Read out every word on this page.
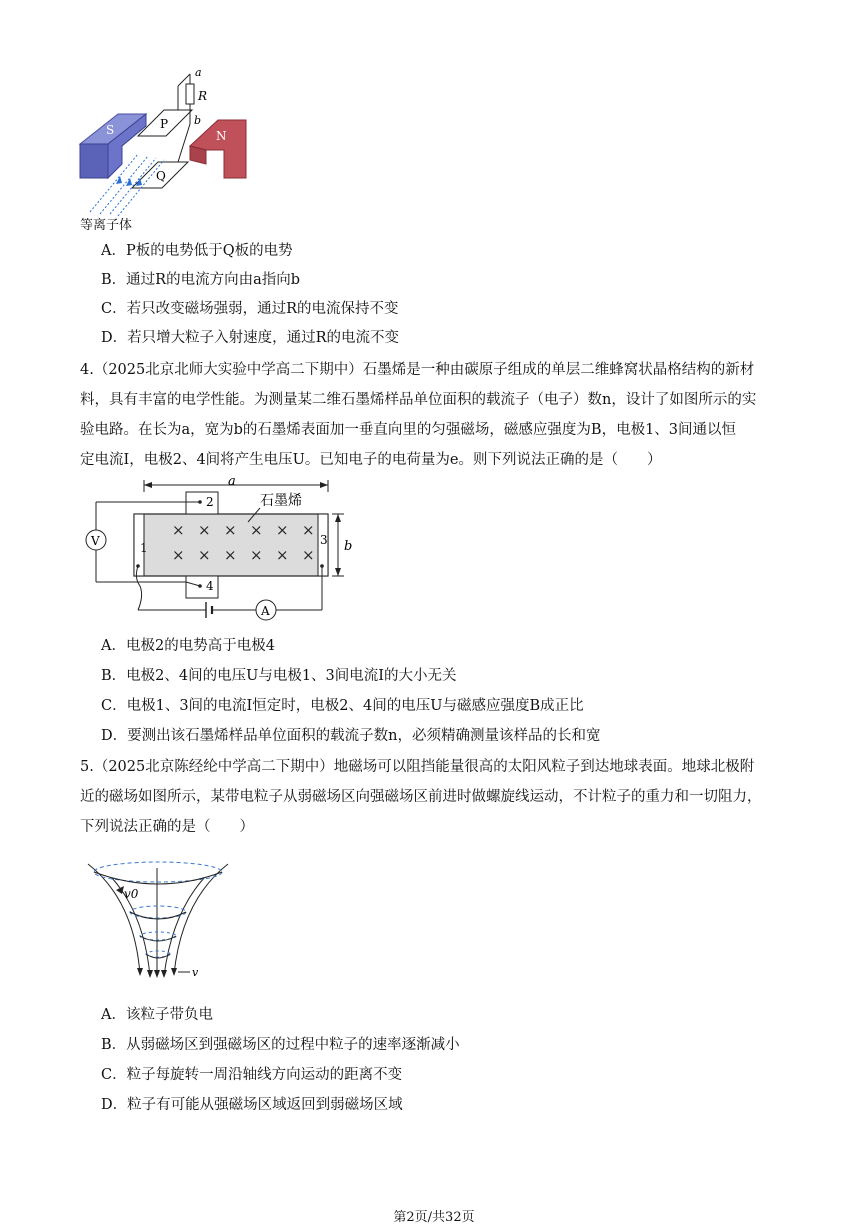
S	N
P
Q
a
R
b
等离子体
A．P板的电势低于Q板的电势
B．通过R的电流方向由a指向b
C．若只改变磁场强弱，通过R的电流保持不变
D．若只增大粒子入射速度，通过R的电流不变
4.（2025北京北师大实验中学高二下期中）石墨烯是一种由碳原子组成的单层二维蜂窝状晶格结构的新材
料，具有丰富的电学性能。为测量某二维石墨烯样品单位面积的载流子（电子）数n，设计了如图所示的实
验电路。在长为a，宽为b的石墨烯表面加一垂直向里的匀强磁场，磁感应强度为B，电极1、3间通以恒
定电流I，电极2、4间将产生电压U。已知电子的电荷量为e。则下列说法正确的是（　　）
a
1
2
3
4
× × × × × ×
× × × × × ×
石墨烯
b
V
A
A．电极2的电势高于电极4
B．电极2、4间的电压U与电极1、3间电流I的大小无关
C．电极1、3间的电流I恒定时，电极2、4间的电压U与磁感应强度B成正比
D．要测出该石墨烯样品单位面积的载流子数n，必须精确测量该样品的长和宽
5.（2025北京陈经纶中学高二下期中）地磁场可以阻挡能量很高的太阳风粒子到达地球表面。地球北极附
近的磁场如图所示，某带电粒子从弱磁场区向强磁场区前进时做螺旋线运动，不计粒子的重力和一切阻力，
下列说法正确的是（　　）
v0
v
A．该粒子带负电
B．从弱磁场区到强磁场区的过程中粒子的速率逐渐减小
C．粒子每旋转一周沿轴线方向运动的距离不变
D．粒子有可能从强磁场区域返回到弱磁场区域
第2页/共32页
